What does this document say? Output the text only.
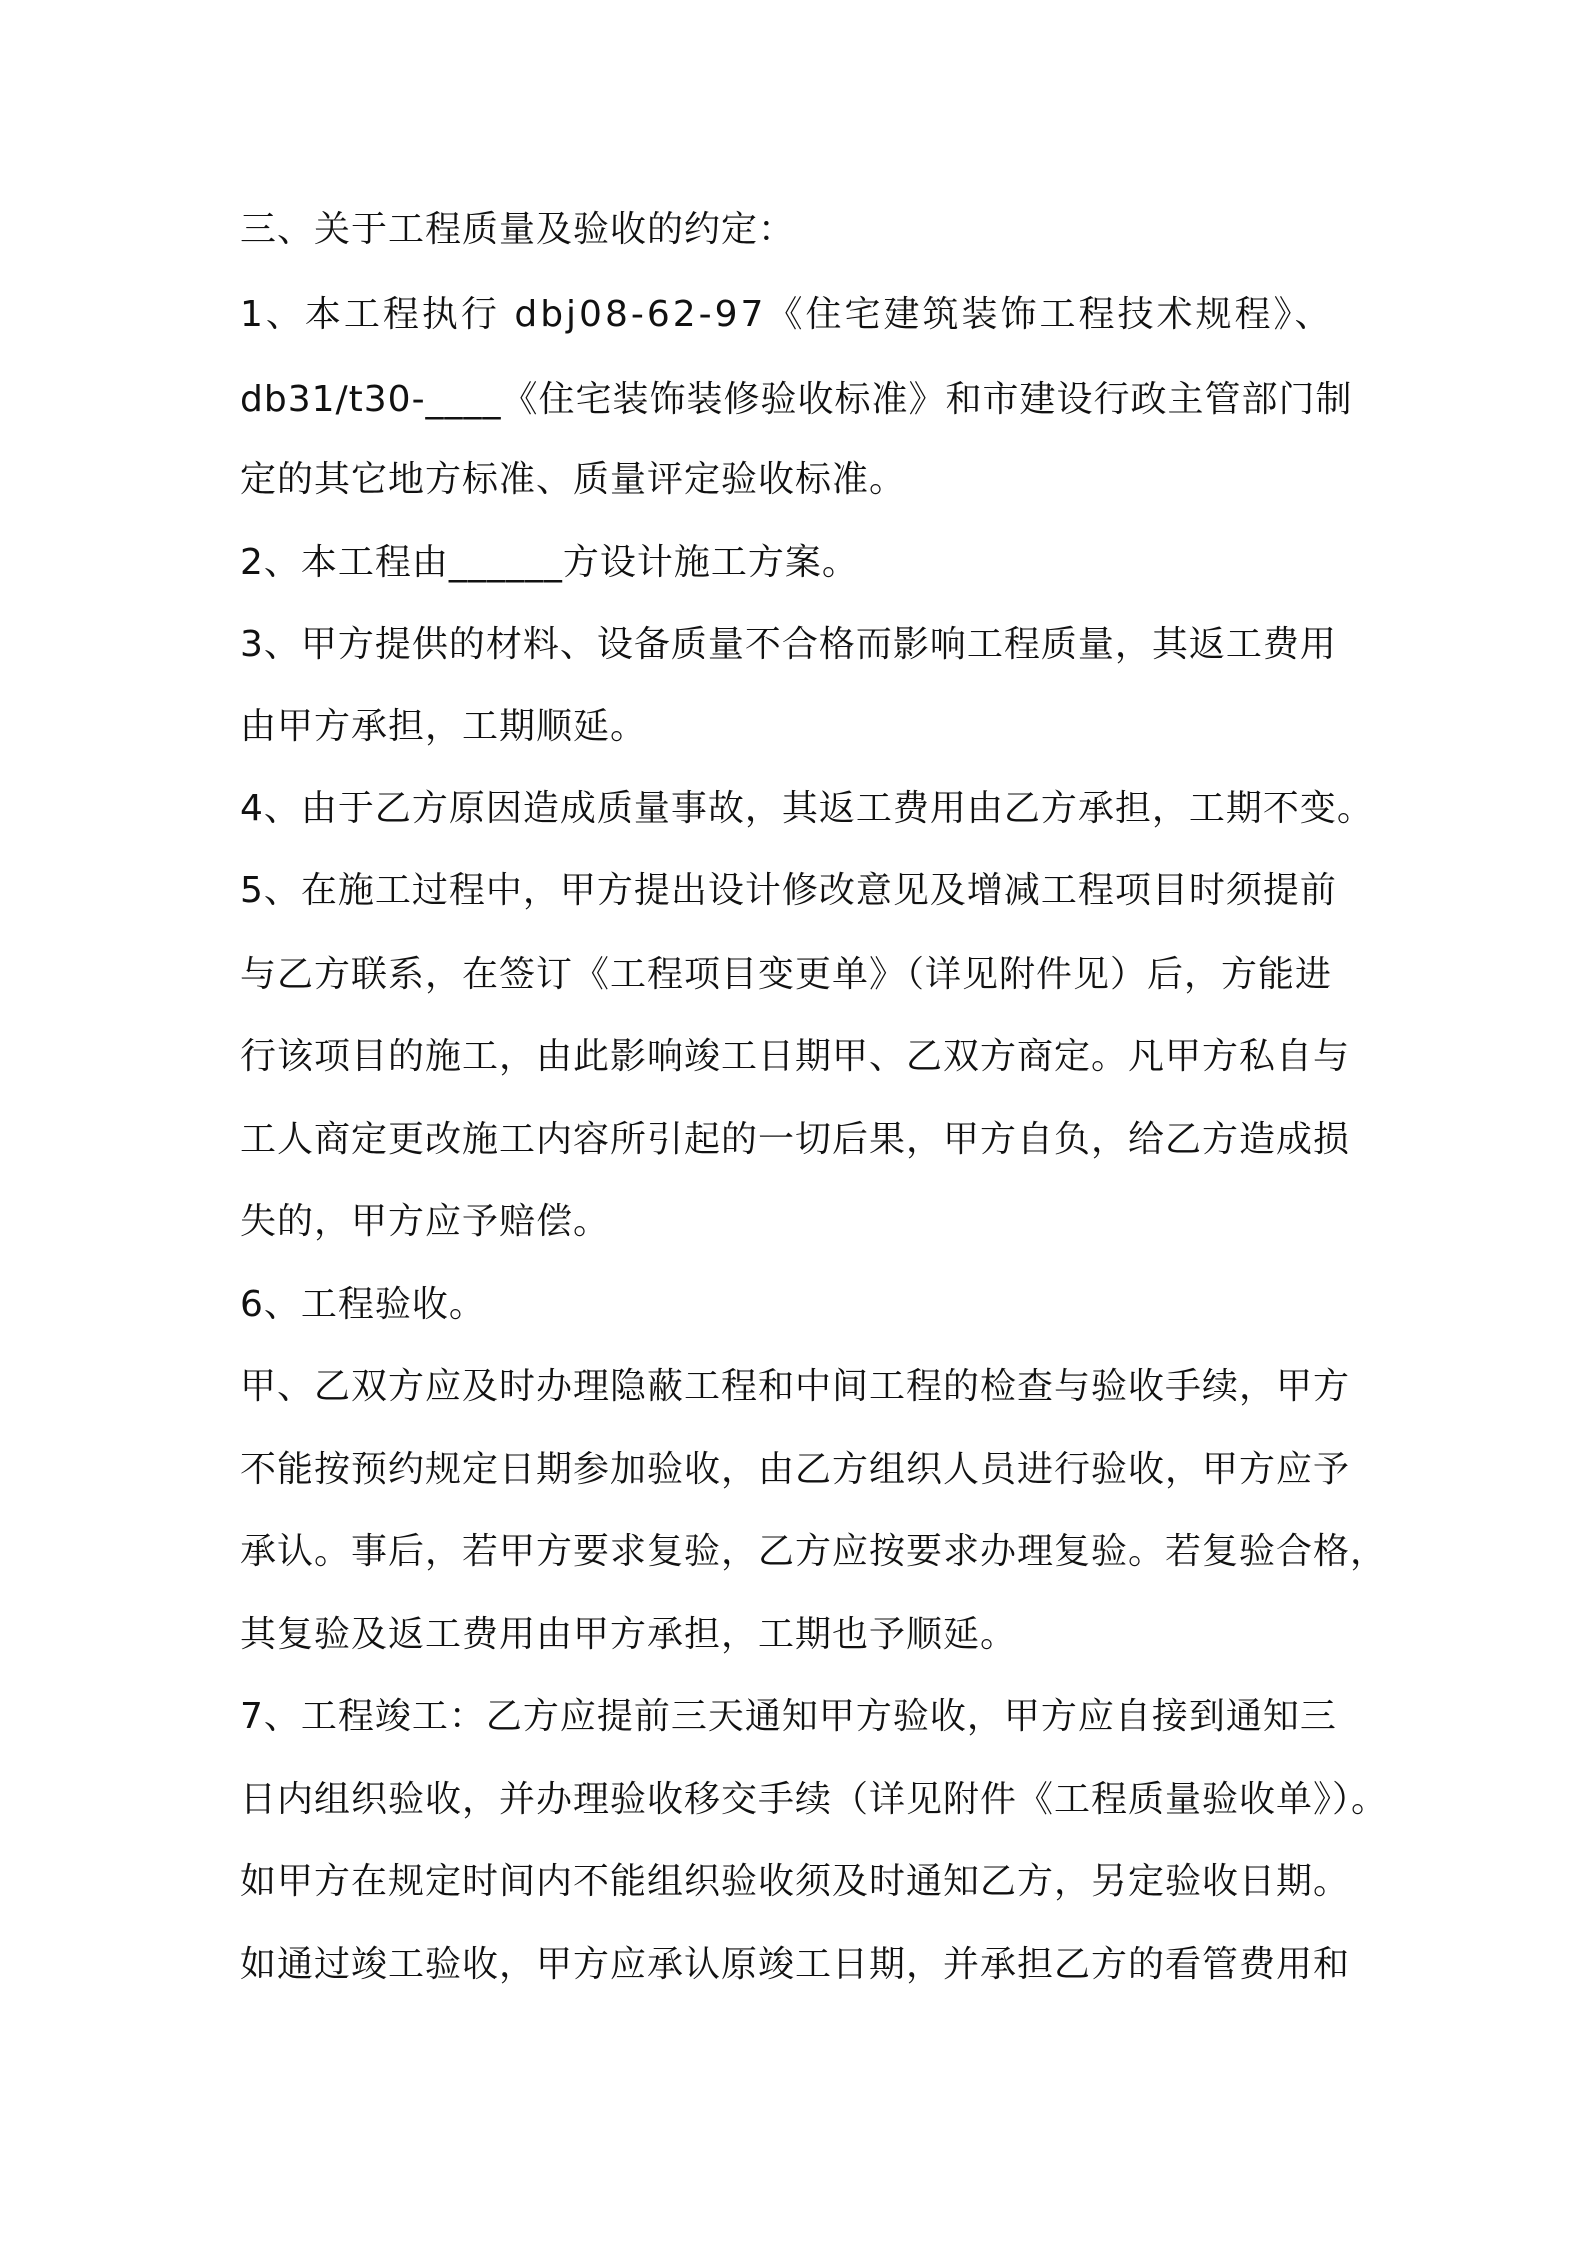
三、关于工程质量及验收的约定：
1、本工程执行 dbj08-62-97《住宅建筑装饰工程技术规程》、
db31/t30-____《住宅装饰装修验收标准》和市建设行政主管部门制
定的其它地方标准、质量评定验收标准。
2、本工程由______方设计施工方案。
3、甲方提供的材料、设备质量不合格而影响工程质量，其返工费用
由甲方承担，工期顺延。
4、由于乙方原因造成质量事故，其返工费用由乙方承担，工期不变。
5、在施工过程中，甲方提出设计修改意见及增减工程项目时须提前
与乙方联系，在签订《工程项目变更单》（详见附件见）后，方能进
行该项目的施工，由此影响竣工日期甲、乙双方商定。凡甲方私自与
工人商定更改施工内容所引起的一切后果，甲方自负，给乙方造成损
失的，甲方应予赔偿。
6、工程验收。
甲、乙双方应及时办理隐蔽工程和中间工程的检查与验收手续，甲方
不能按预约规定日期参加验收，由乙方组织人员进行验收，甲方应予
承认。事后，若甲方要求复验，乙方应按要求办理复验。若复验合格，
其复验及返工费用由甲方承担，工期也予顺延。
7、工程竣工：乙方应提前三天通知甲方验收，甲方应自接到通知三
日内组织验收，并办理验收移交手续（详见附件《工程质量验收单》）。
如甲方在规定时间内不能组织验收须及时通知乙方，另定验收日期。
如通过竣工验收，甲方应承认原竣工日期，并承担乙方的看管费用和
